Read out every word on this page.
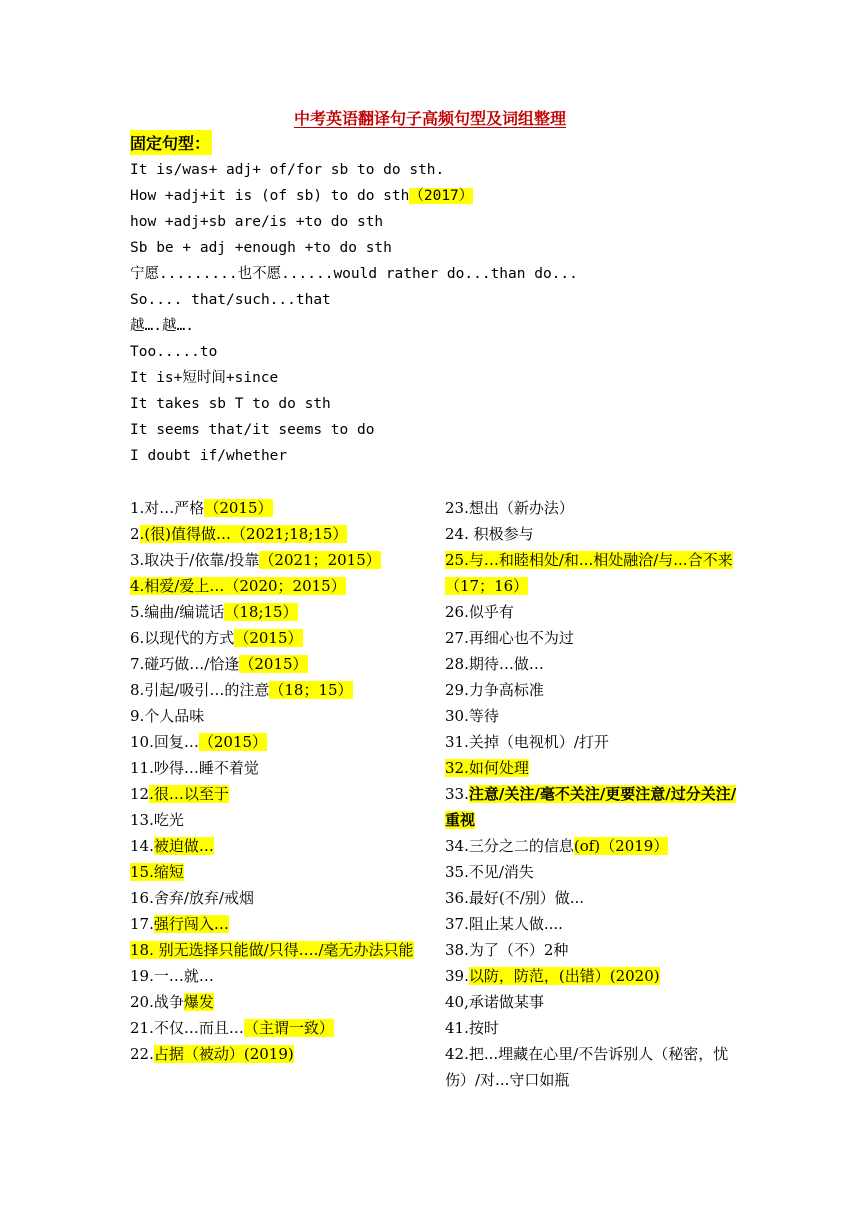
中考英语翻译句子高频句型及词组整理
固定句型：
It is/was+ adj+ of/for sb to do sth.
How +adj+it is (of sb) to do sth（2017）
how +adj+sb are/is +to do sth
Sb be + adj +enough +to do sth
宁愿.........也不愿......would rather do...than do...
So.... that/such...that
越….越….
Too.....to
It is+短时间+since
It takes sb T to do sth
It seems that/it seems to do
I doubt if/whether
1.对…严格（2015）
2.(很)值得做…（2021;18;15）
3.取决于/依靠/投靠（2021；2015）
4.相爱/爱上…（2020；2015）
5.编曲/编谎话（18;15）
6.以现代的方式（2015）
7.碰巧做…/恰逢（2015）
8.引起/吸引…的注意（18；15）
9.个人品味
10.回复…（2015）
11.吵得…睡不着觉
12.很…以至于
13.吃光
14.被迫做…
15.缩短
16.舍弃/放弃/戒烟
17.强行闯入…
18. 别无选择只能做/只得…./毫无办法只能
19.一…就…
20.战争爆发
21.不仅…而且…（主谓一致）
22.占据（被动）(2019)
23.想出（新办法）
24. 积极参与
25.与…和睦相处/和...相处融洽/与...合不来（17；16）
26.似乎有
27.再细心也不为过
28.期待…做…
29.力争高标准
30.等待
31.关掉（电视机）/打开
32.如何处理
33.注意/关注/毫不关注/更要注意/过分关注/重视
34.三分之二的信息(of)（2019）
35.不见/消失
36.最好(不/别）做...
37.阻止某人做....
38.为了（不）2种
39.以防，防范，(出错）(2020)
40,承诺做某事
41.按时
42.把...埋藏在心里/不告诉别人（秘密，忧伤）/对...守口如瓶
